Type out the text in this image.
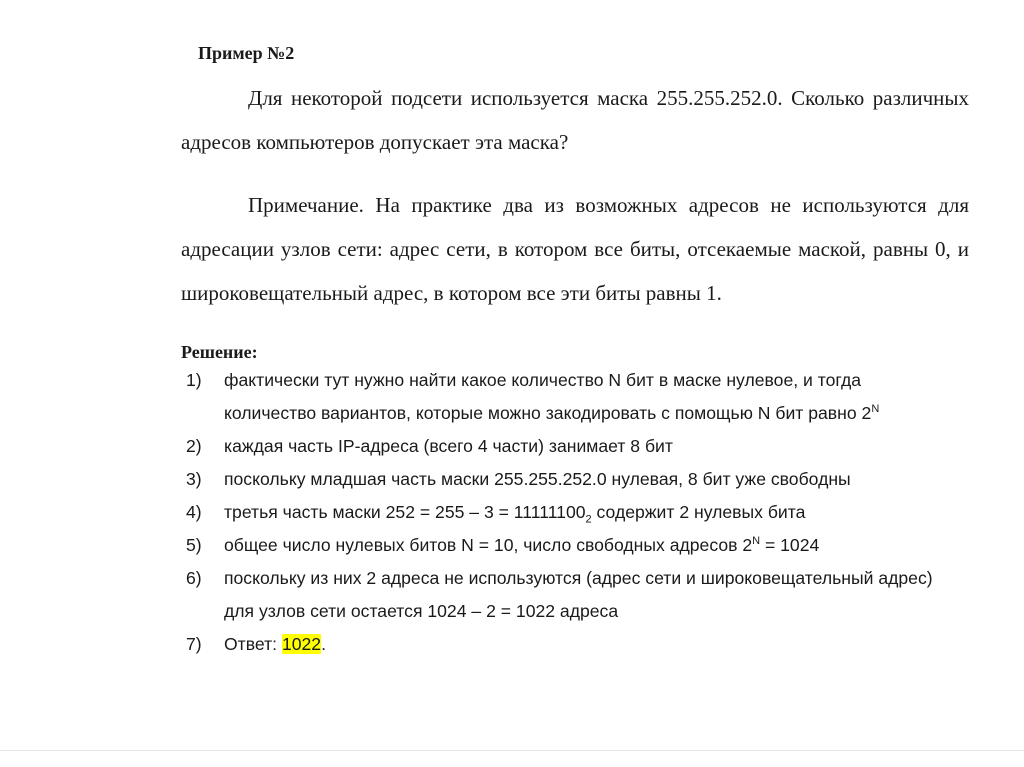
Пример №2
Для некоторой подсети используется маска 255.255.252.0. Сколько различных адресов компьютеров допускает эта маска?
Примечание. На практике два из возможных адресов не используются для адресации узлов сети: адрес сети, в котором все биты, отсекаемые маской, равны 0, и широковещательный адрес, в котором все эти биты равны 1.
Решение:
1)	фактически тут нужно найти какое количество N бит в маске нулевое, и тогда
количество вариантов, которые можно закодировать с помощью N бит равно $2^N$
2)	каждая часть IP-адреса (всего 4 части) занимает 8 бит
3)	поскольку младшая часть маски 255.255.252.0 нулевая, 8 бит уже свободны
4)	третья часть маски $252 = 255 - 3 = 11111100_2$ содержит 2 нулевых бита
5)	общее число нулевых битов N = 10, число свободных адресов $2^N = 1024$
6)	поскольку из них 2 адреса не используются (адрес сети и широковещательный адрес)
для узлов сети остается 1024 – 2 = 1022 адреса
7)	Ответ: 1022.
